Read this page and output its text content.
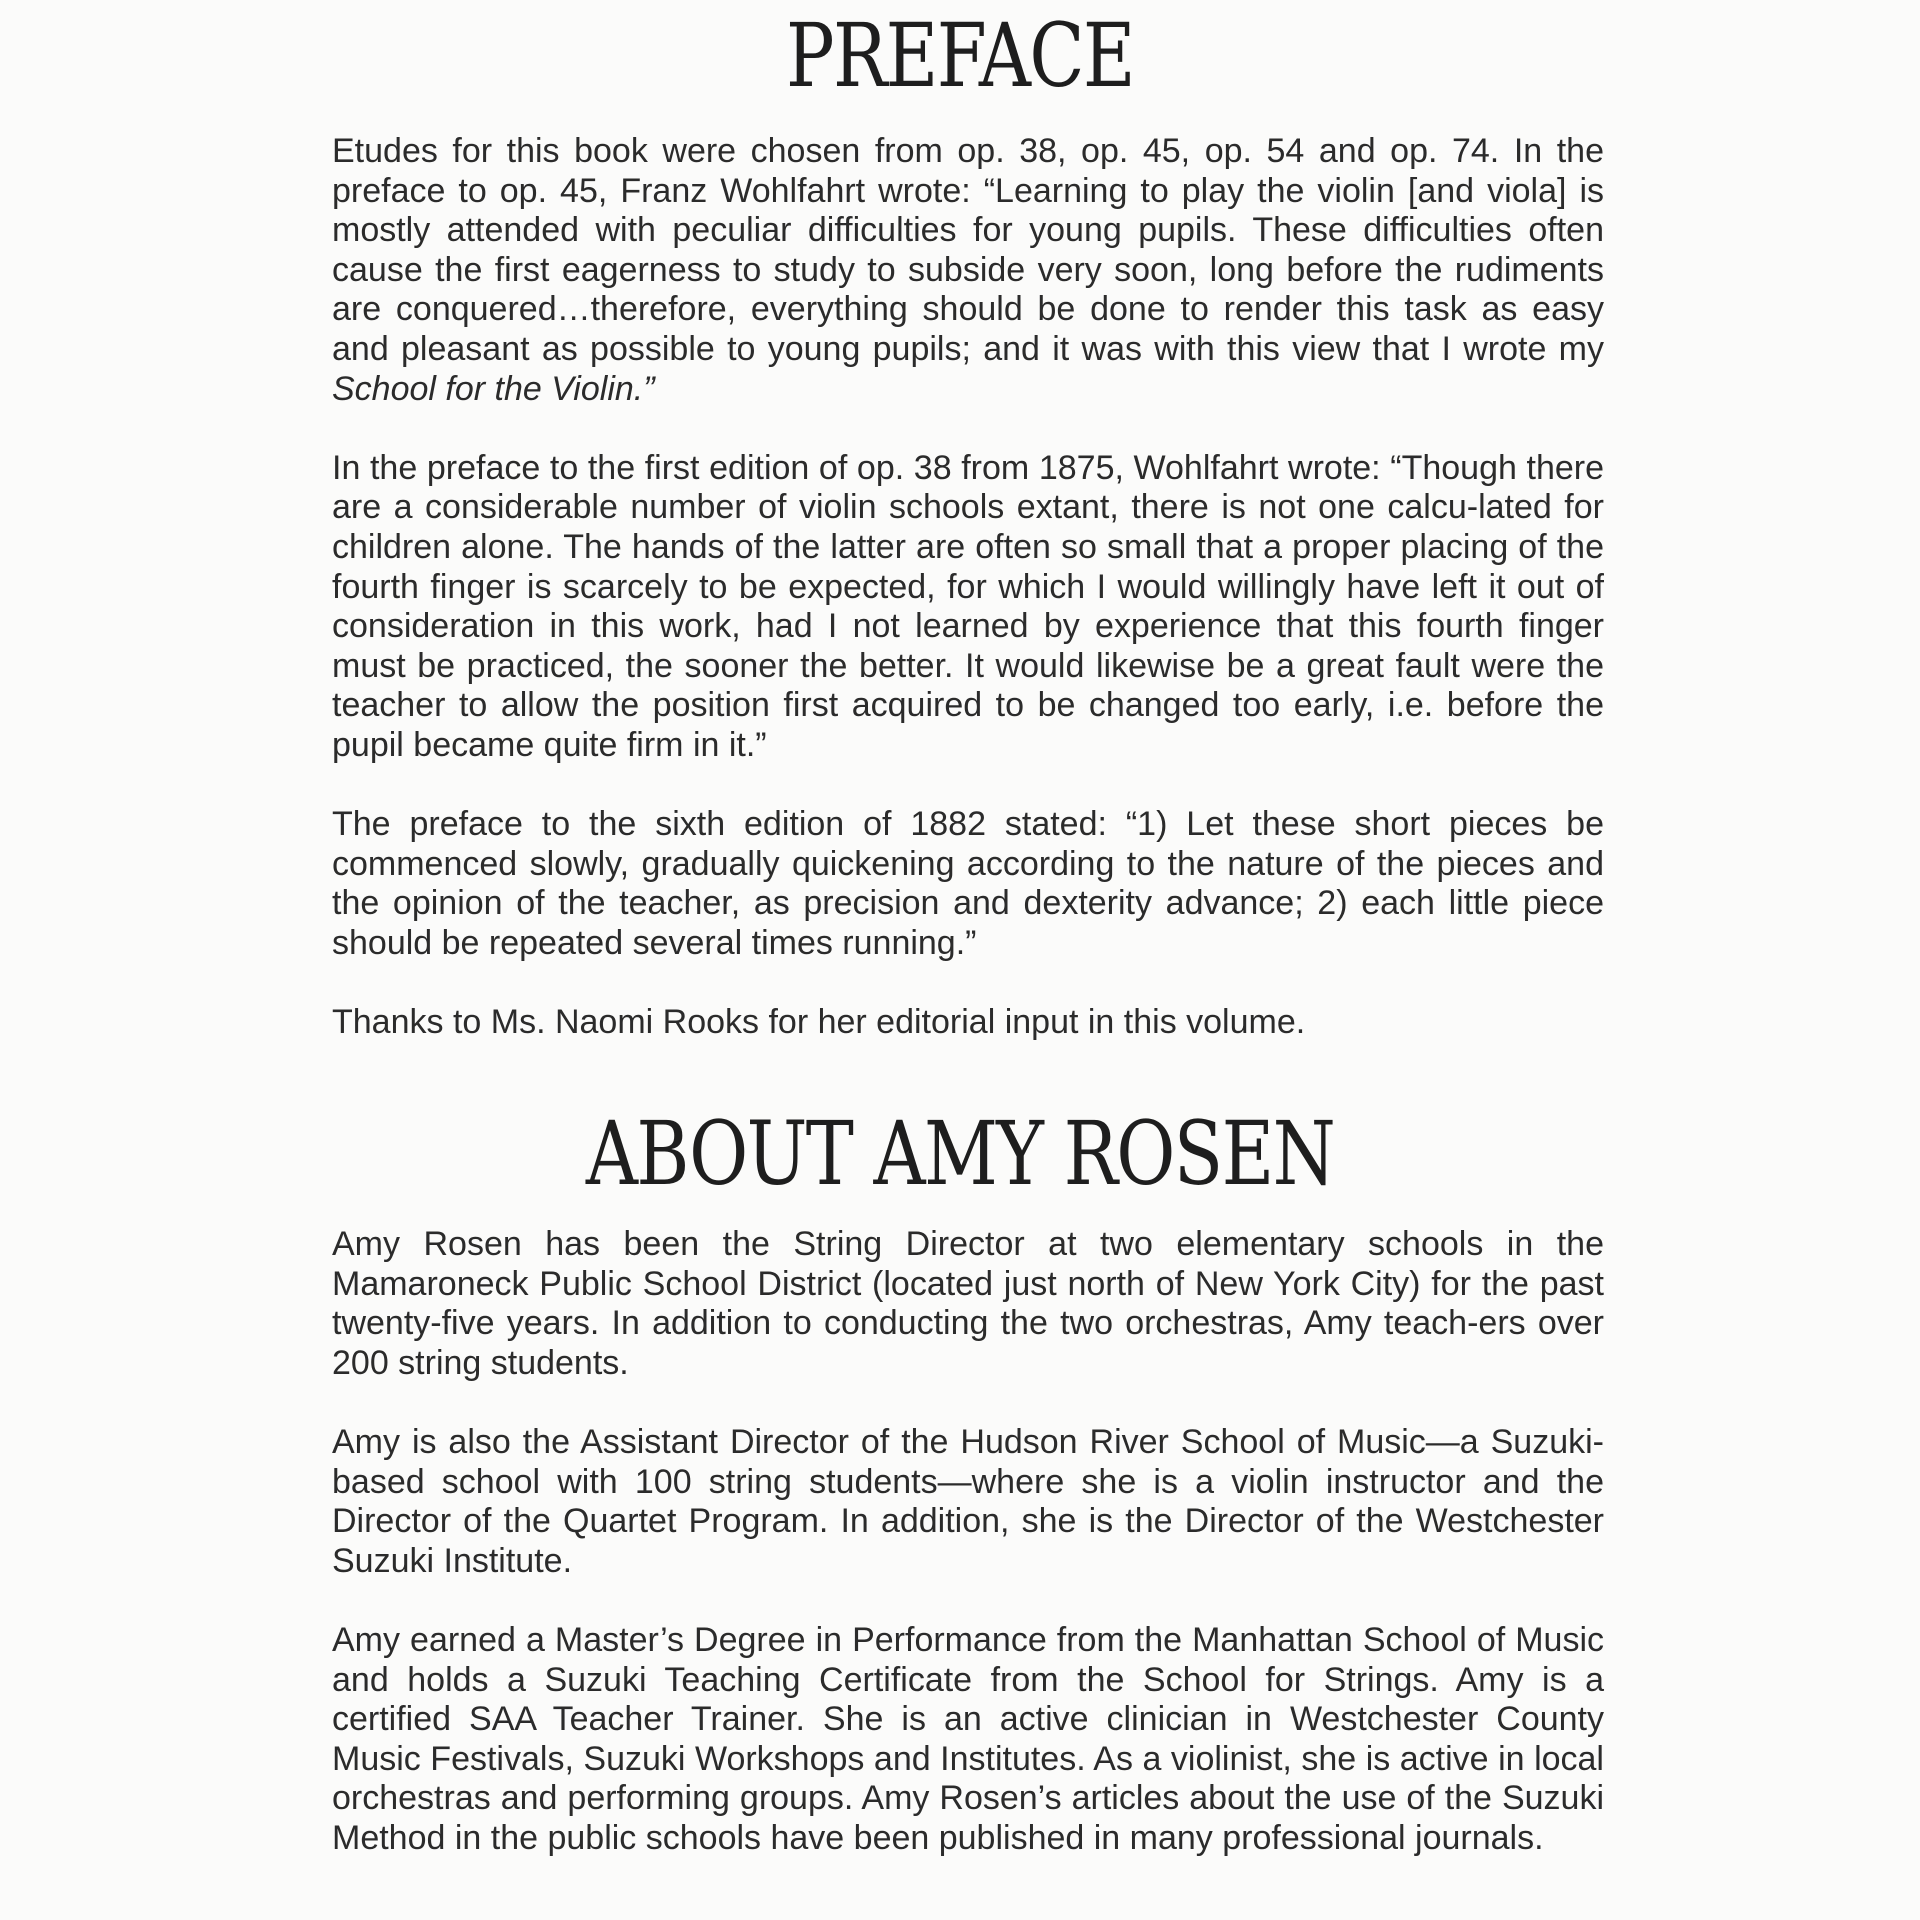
PREFACE

Etudes for this book were chosen from op. 38, op. 45, op. 54 and op. 74. In the preface to op. 45, Franz Wohlfahrt wrote: “Learning to play the violin [and viola] is mostly attended with peculiar difficulties for young pupils. These difficulties often cause the first eagerness to study to subside very soon, long before the rudiments are conquered…therefore, everything should be done to render this task as easy and pleasant as possible to young pupils; and it was with this view that I wrote my School for the Violin.”

In the preface to the first edition of op. 38 from 1875, Wohlfahrt wrote: “Though there are a considerable number of violin schools extant, there is not one calcu-lated for children alone. The hands of the latter are often so small that a proper placing of the fourth finger is scarcely to be expected, for which I would willingly have left it out of consideration in this work, had I not learned by experience that this fourth finger must be practiced, the sooner the better. It would likewise be a great fault were the teacher to allow the position first acquired to be changed too early, i.e. before the pupil became quite firm in it.”

The preface to the sixth edition of 1882 stated: “1) Let these short pieces be commenced slowly, gradually quickening according to the nature of the pieces and the opinion of the teacher, as precision and dexterity advance; 2) each little piece should be repeated several times running.”

Thanks to Ms. Naomi Rooks for her editorial input in this volume.

ABOUT AMY ROSEN

Amy Rosen has been the String Director at two elementary schools in the Mamaroneck Public School District (located just north of New York City) for the past twenty-five years. In addition to conducting the two orchestras, Amy teach-ers over 200 string students.

Amy is also the Assistant Director of the Hudson River School of Music—a Suzuki-based school with 100 string students—where she is a violin instructor and the Director of the Quartet Program. In addition, she is the Director of the Westchester Suzuki Institute.

Amy earned a Master’s Degree in Performance from the Manhattan School of Music and holds a Suzuki Teaching Certificate from the School for Strings. Amy is a certified SAA Teacher Trainer. She is an active clinician in Westchester County Music Festivals, Suzuki Workshops and Institutes. As a violinist, she is active in local orchestras and performing groups. Amy Rosen’s articles about the use of the Suzuki Method in the public schools have been published in many professional journals.
